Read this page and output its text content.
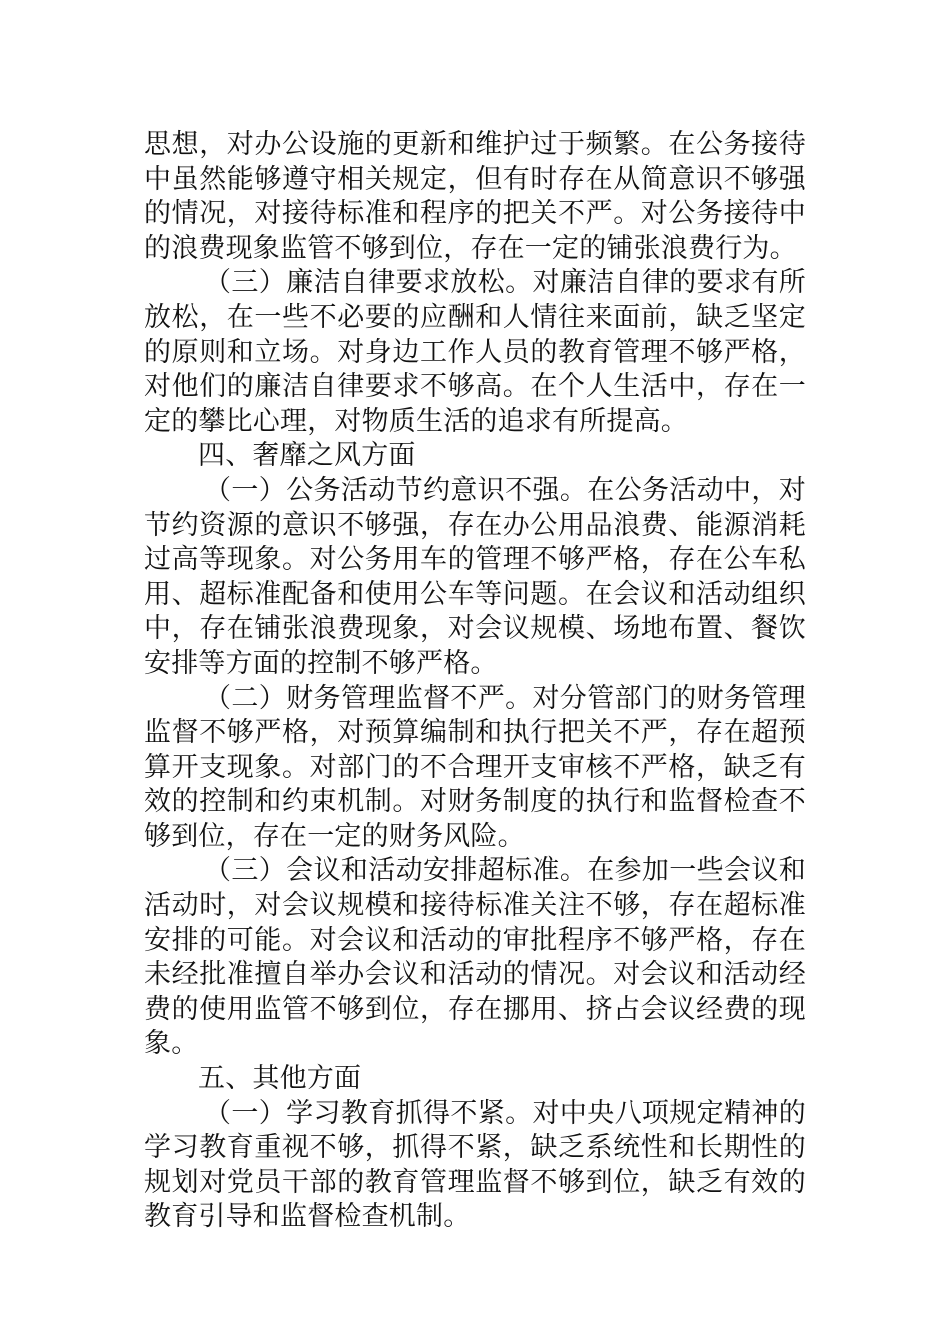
思想，对办公设施的更新和维护过于频繁。在公务接待中虽然能够遵守相关规定，但有时存在从简意识不够强的情况，对接待标准和程序的把关不严。对公务接待中的浪费现象监管不够到位，存在一定的铺张浪费行为。

（三）廉洁自律要求放松。对廉洁自律的要求有所放松，在一些不必要的应酬和人情往来面前，缺乏坚定的原则和立场。对身边工作人员的教育管理不够严格，对他们的廉洁自律要求不够高。在个人生活中，存在一定的攀比心理，对物质生活的追求有所提高。

四、奢靡之风方面

（一）公务活动节约意识不强。在公务活动中，对节约资源的意识不够强，存在办公用品浪费、能源消耗过高等现象。对公务用车的管理不够严格，存在公车私用、超标准配备和使用公车等问题。在会议和活动组织中，存在铺张浪费现象，对会议规模、场地布置、餐饮安排等方面的控制不够严格。

（二）财务管理监督不严。对分管部门的财务管理监督不够严格，对预算编制和执行把关不严，存在超预算开支现象。对部门的不合理开支审核不严格，缺乏有效的控制和约束机制。对财务制度的执行和监督检查不够到位，存在一定的财务风险。

（三）会议和活动安排超标准。在参加一些会议和活动时，对会议规模和接待标准关注不够，存在超标准安排的可能。对会议和活动的审批程序不够严格，存在未经批准擅自举办会议和活动的情况。对会议和活动经费的使用监管不够到位，存在挪用、挤占会议经费的现象。

五、其他方面

（一）学习教育抓得不紧。对中央八项规定精神的学习教育重视不够，抓得不紧，缺乏系统性和长期性的规划对党员干部的教育管理监督不够到位，缺乏有效的教育引导和监督检查机制。
